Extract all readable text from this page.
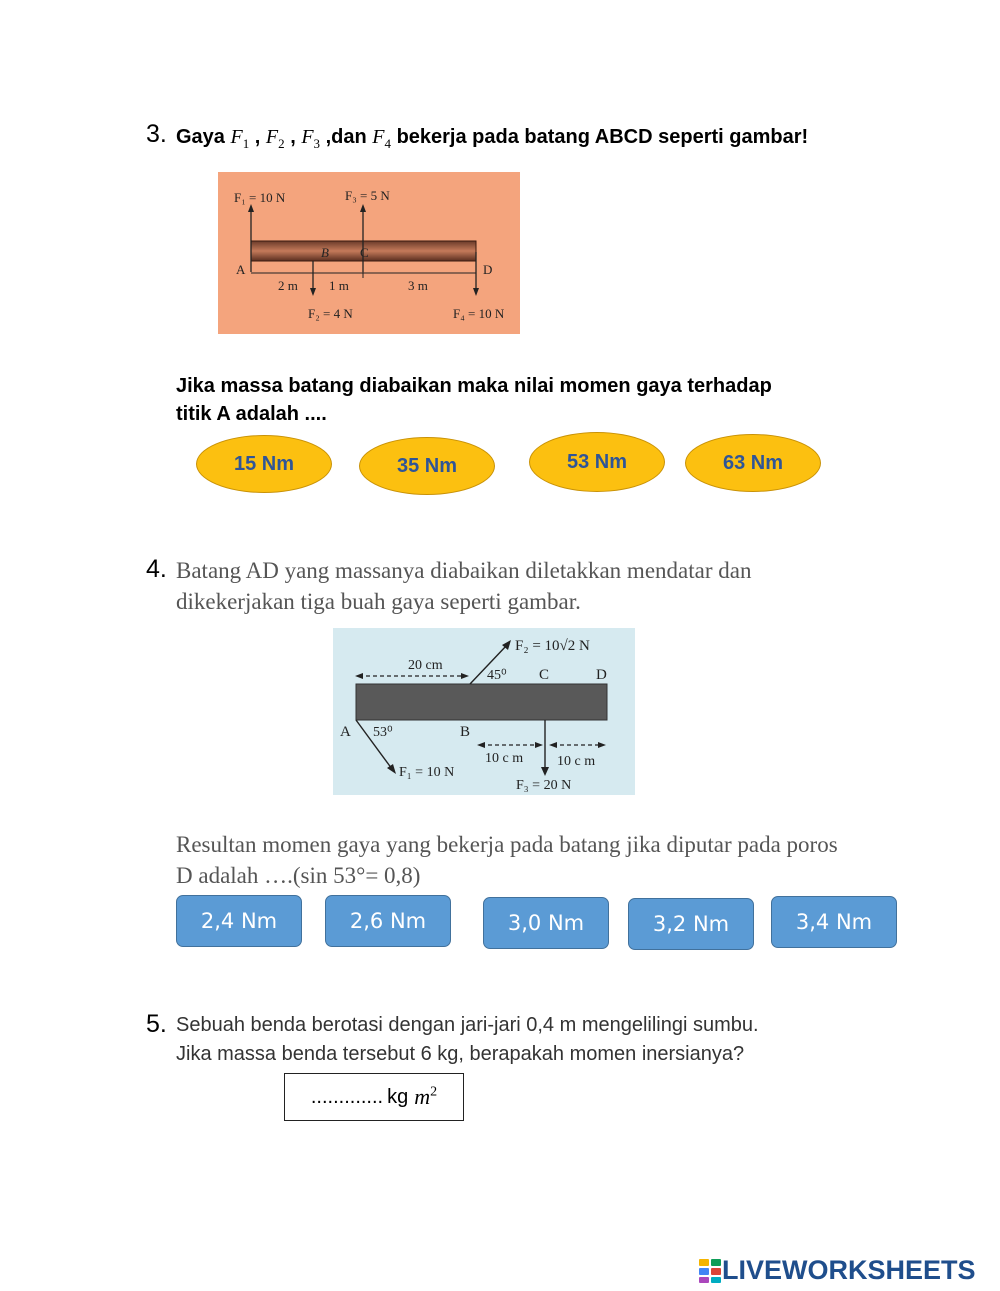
3. Gaya $F_1$ , $F_2$ , $F_3$ ,dan $F_4$ bekerja pada batang ABCD seperti gambar!
F₁ = 10 N	F₃ = 5 N
F₂ = 4 N	F₄ = 10 N
A
B C
D
2 m 1 m	3 m
Jika massa batang diabaikan maka nilai momen gaya terhadap
titik A adalah ....
15 Nm	35 Nm	53 Nm	63 Nm
4. Batang AD yang massanya diabaikan diletakkan mendatar dan
dikekerjakan tiga buah gaya seperti gambar.
F₂ = 10√2 N
20 cm
45⁰ C	D
A 53⁰	B
10 c m 10 c m
F₁ = 10 N
F₃ = 20 N
Resultan momen gaya yang bekerja pada batang jika diputar pada poros
D adalah ….(sin 53°= 0,8)
2,4 Nm	2,6 Nm	3,0 Nm	3,2 Nm	3,4 Nm
5. Sebuah benda berotasi dengan jari-jari 0,4 m mengelilingi sumbu.
Jika massa benda tersebut 6 kg, berapakah momen inersianya?
............. kg $m^2$
LIVEWORKSHEETS
